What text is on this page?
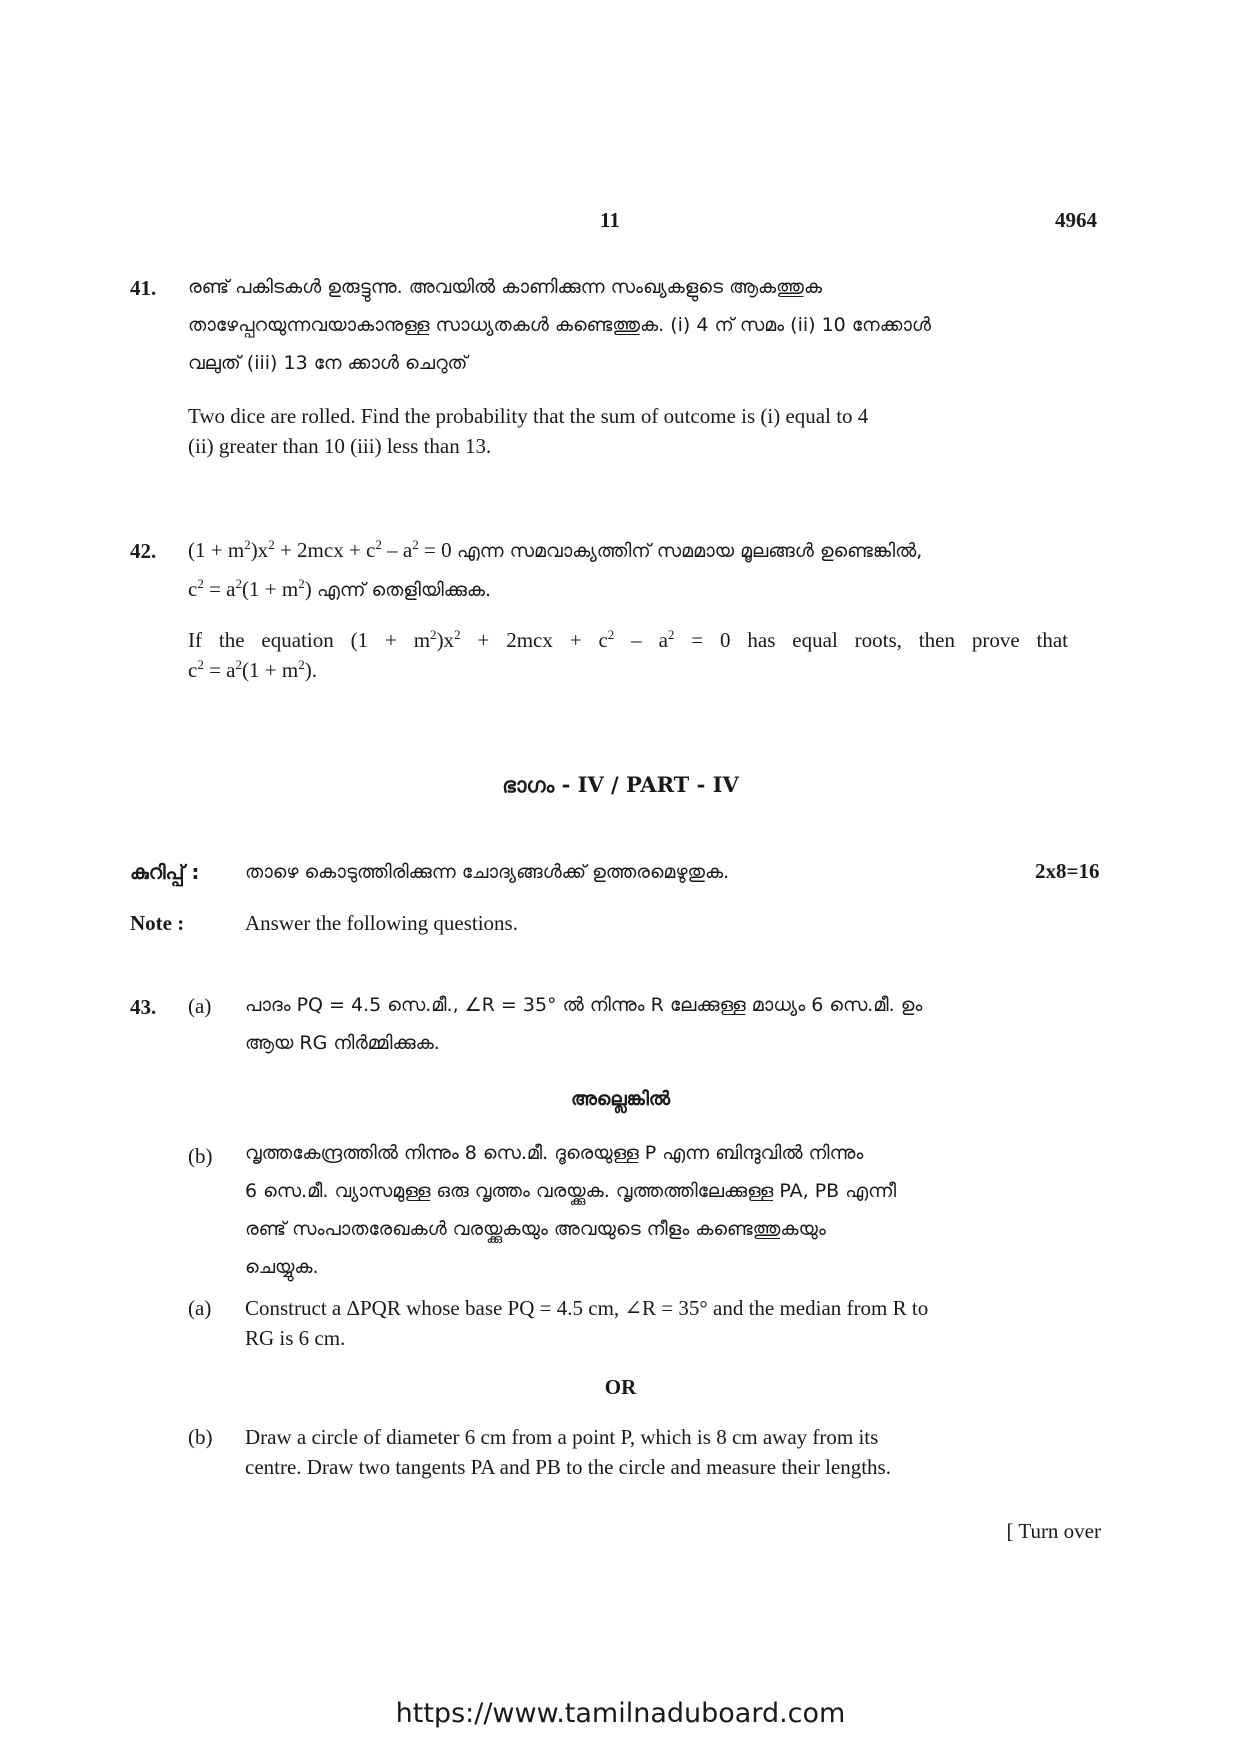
11	4964
41. രണ്ട് പകിടകൾ ഉരുട്ടുന്നു. അവയിൽ കാണിക്കുന്ന സംഖ്യകളുടെ ആകത്തുക
താഴേപ്പറയുന്നവയാകാനുള്ള സാധ്യതകൾ കണ്ടെത്തുക. (i) 4 ന് സമം (ii) 10 നേക്കാൾ
വലുത് (iii) 13 നേ ക്കാൾ ചെറുത്
Two dice are rolled. Find the probability that the sum of outcome is (i) equal to 4
(ii) greater than 10 (iii) less than 13.
42. $(1 + m^2)x^2 + 2mcx + c^2 - a^2 = 0$ എന്ന സമവാക്യത്തിന് സമമായ മൂലങ്ങൾ ഉണ്ടെങ്കിൽ,
$c^2 = a^2(1 + m^2)$ എന്ന് തെളിയിക്കുക.
If the equation $(1 + m^2)x^2 + 2mcx + c^2 - a^2 = 0$ has equal roots, then prove that
$c^2 = a^2(1 + m^2)$.
ഭാഗം - IV / PART - IV
കുറിപ്പ് : താഴെ കൊടുത്തിരിക്കുന്ന ചോദ്യങ്ങൾക്ക് ഉത്തരമെഴുതുക.	2x8=16
Note :	Answer the following questions.
43. (a) പാദം PQ = 4.5 സെ.മീ., ∠R = 35° ൽ നിന്നും R ലേക്കുള്ള മാധ്യം 6 സെ.മീ. ഉം
ആയ RG നിർമ്മിക്കുക.
അല്ലെങ്കിൽ
(b) വൃത്തകേന്ദ്രത്തിൽ നിന്നും 8 സെ.മീ. ദൂരെയുള്ള P എന്ന ബിന്ദുവിൽ നിന്നും
6 സെ.മീ. വ്യാസമുള്ള ഒരു വൃത്തം വരയ്ക്കുക. വൃത്തത്തിലേക്കുള്ള PA, PB എന്നീ
രണ്ട് സംപാതരേഖകൾ വരയ്ക്കുകയും അവയുടെ നീളം കണ്ടെത്തുകയും
ചെയ്യുക.
(a) Construct a ΔPQR whose base PQ = 4.5 cm, ∠R = 35° and the median from R to
RG is 6 cm.
OR
(b) Draw a circle of diameter 6 cm from a point P, which is 8 cm away from its
centre. Draw two tangents PA and PB to the circle and measure their lengths.
[ Turn over
https://www.tamilnaduboard.com
